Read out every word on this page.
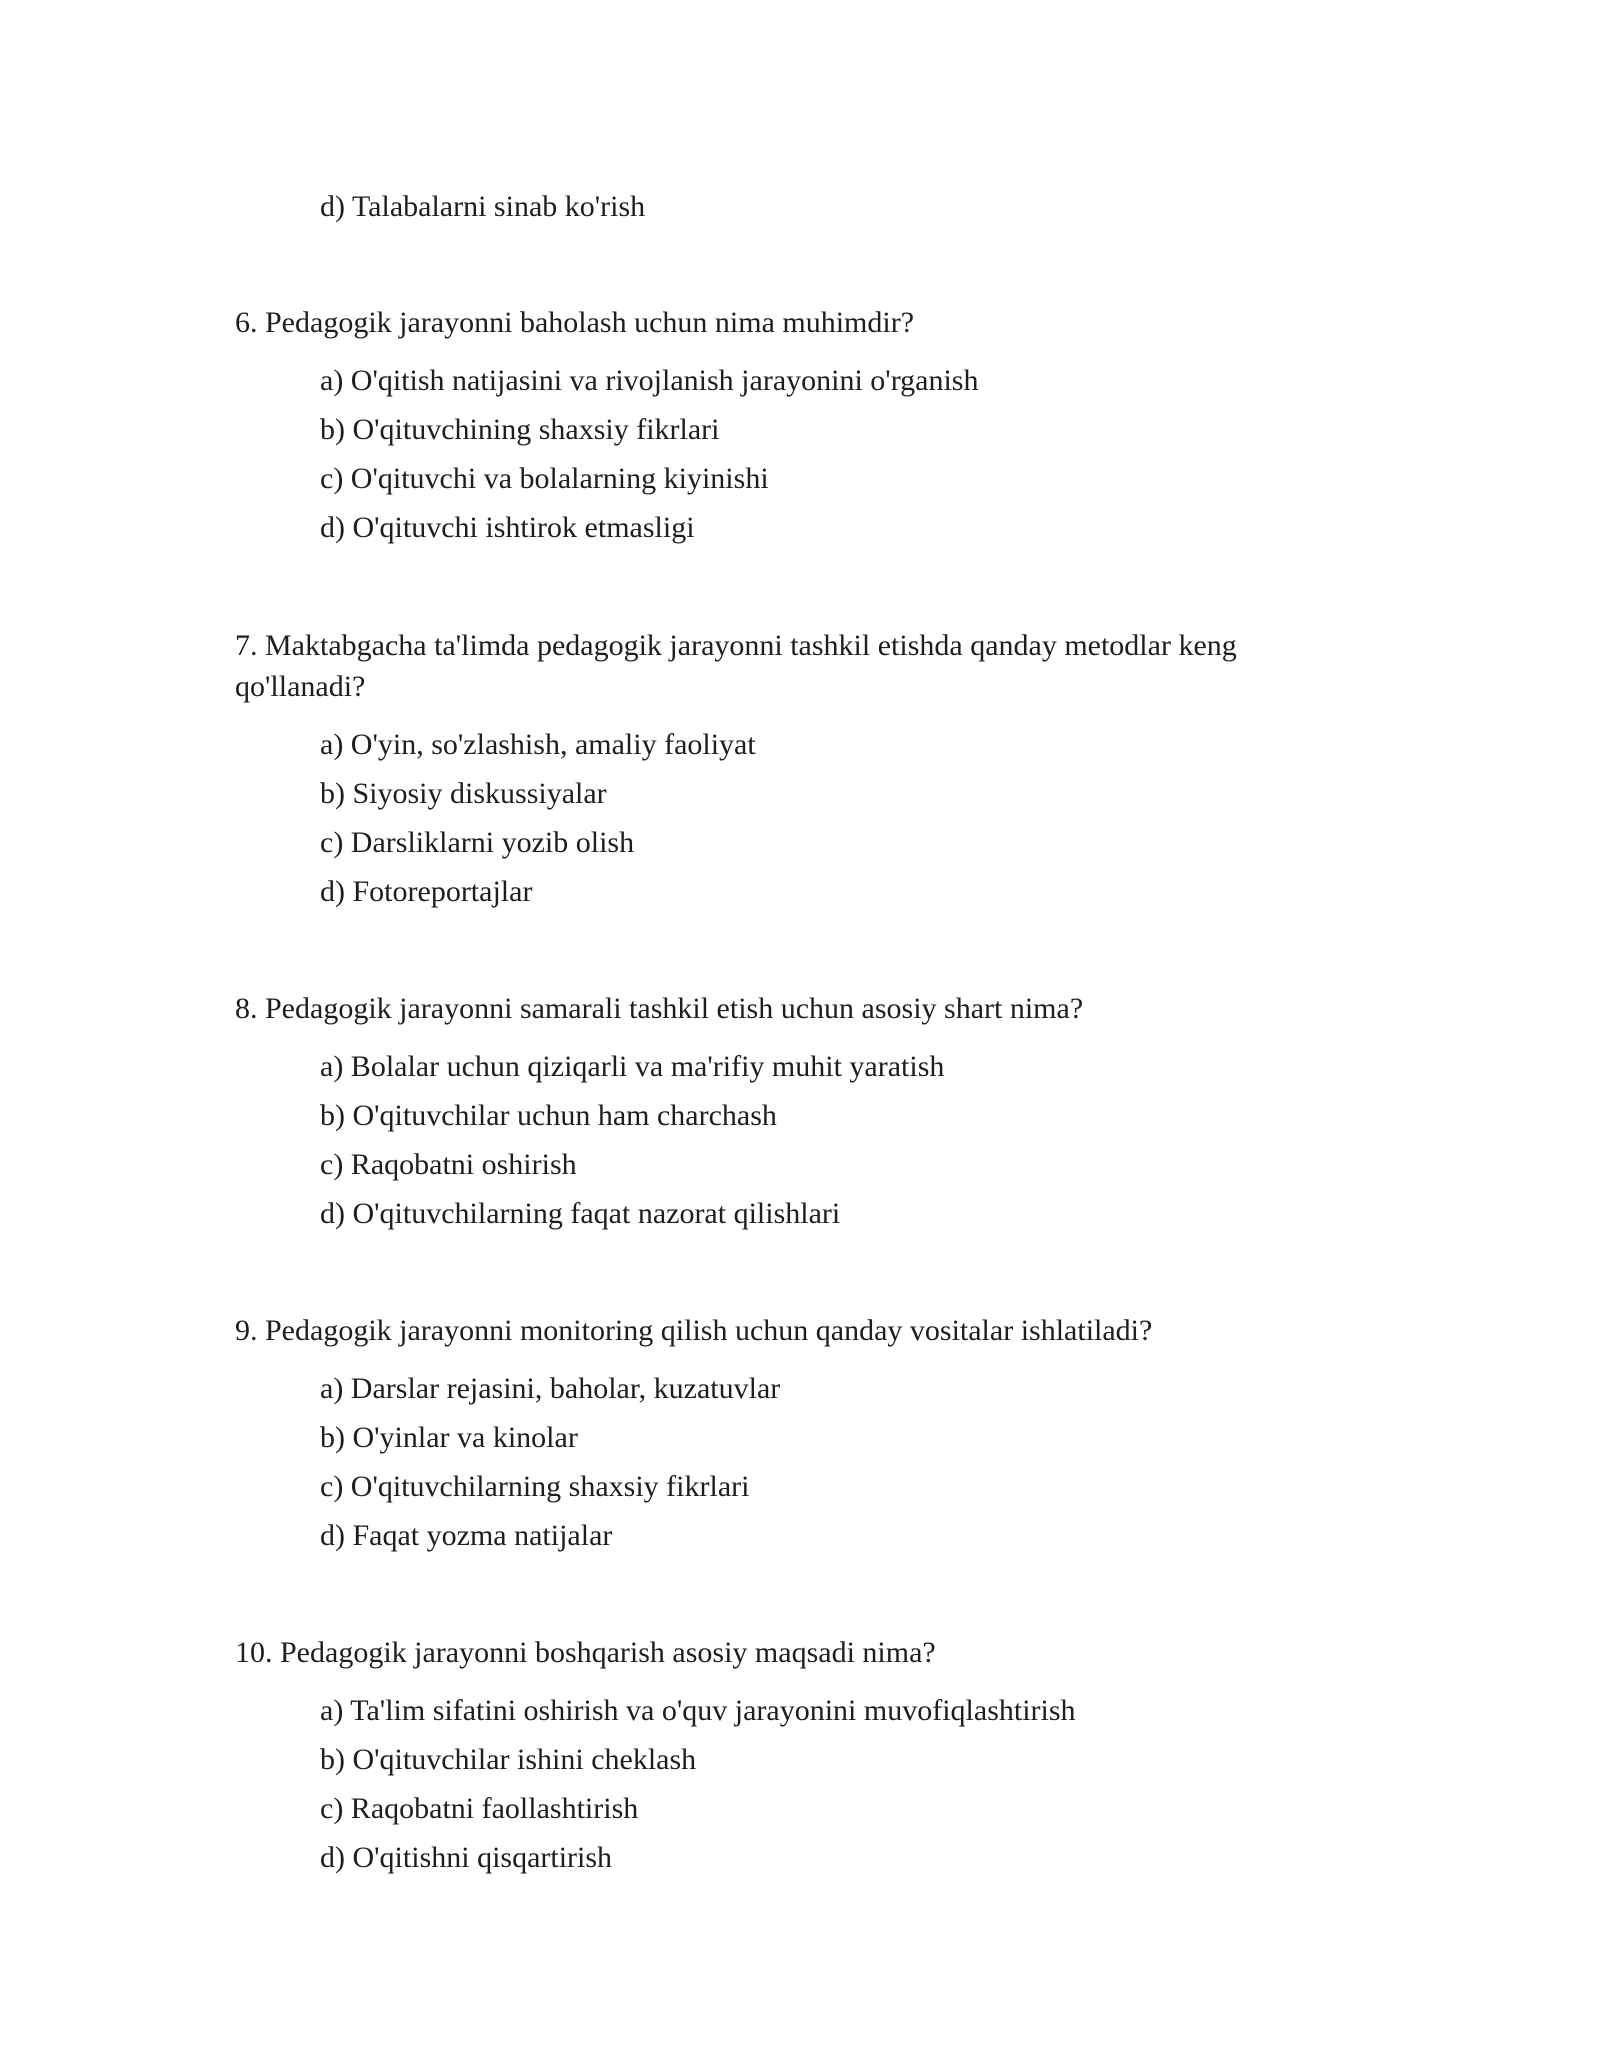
d) Talabalarni sinab ko'rish
6. Pedagogik jarayonni baholash uchun nima muhimdir?
a) O'qitish natijasini va rivojlanish jarayonini o'rganish
b) O'qituvchining shaxsiy fikrlari
c) O'qituvchi va bolalarning kiyinishi
d) O'qituvchi ishtirok etmasligi
7. Maktabgacha ta'limda pedagogik jarayonni tashkil etishda qanday metodlar keng
qo'llanadi?
a) O'yin, so'zlashish, amaliy faoliyat
b) Siyosiy diskussiyalar
c) Darsliklarni yozib olish
d) Fotoreportajlar
8. Pedagogik jarayonni samarali tashkil etish uchun asosiy shart nima?
a) Bolalar uchun qiziqarli va ma'rifiy muhit yaratish
b) O'qituvchilar uchun ham charchash
c) Raqobatni oshirish
d) O'qituvchilarning faqat nazorat qilishlari
9. Pedagogik jarayonni monitoring qilish uchun qanday vositalar ishlatiladi?
a) Darslar rejasini, baholar, kuzatuvlar
b) O'yinlar va kinolar
c) O'qituvchilarning shaxsiy fikrlari
d) Faqat yozma natijalar
10. Pedagogik jarayonni boshqarish asosiy maqsadi nima?
a) Ta'lim sifatini oshirish va o'quv jarayonini muvofiqlashtirish
b) O'qituvchilar ishini cheklash
c) Raqobatni faollashtirish
d) O'qitishni qisqartirish
